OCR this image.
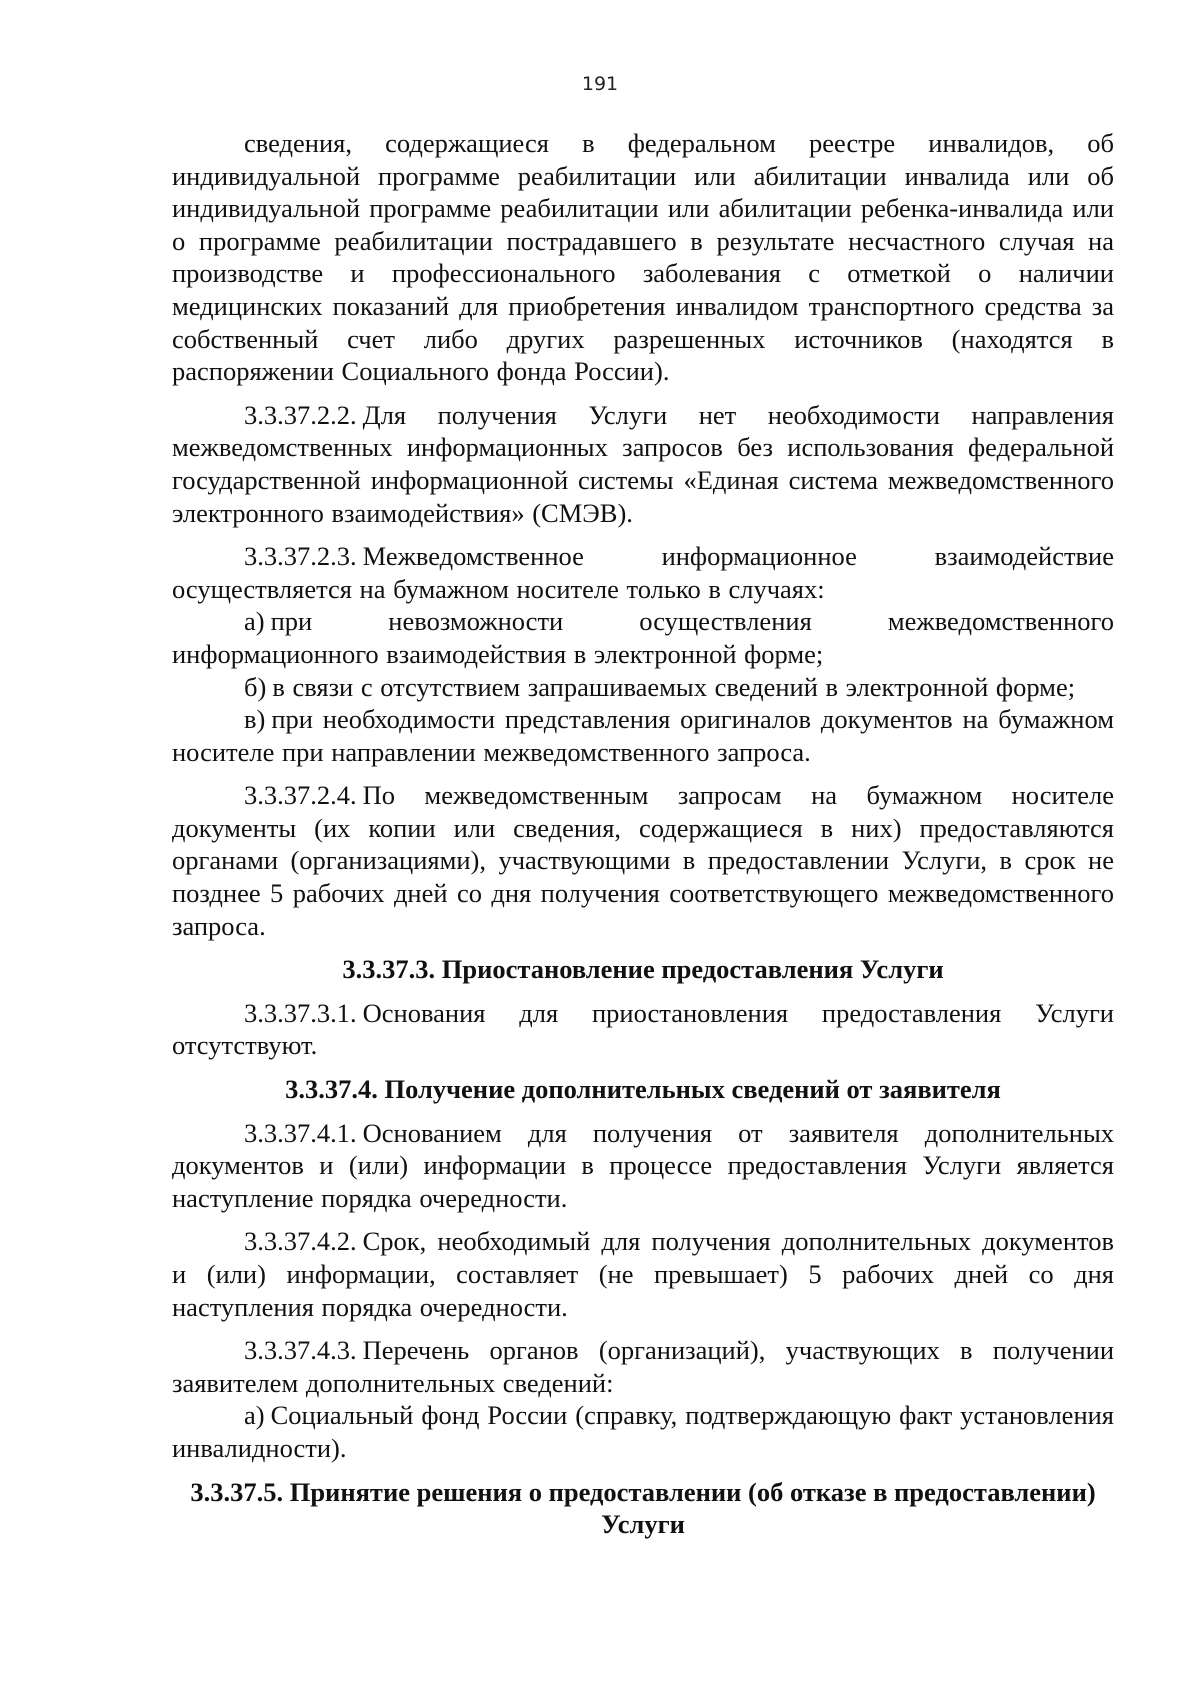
191

сведения, содержащиеся в федеральном реестре инвалидов, об индивидуальной программе реабилитации или абилитации инвалида или об индивидуальной программе реабилитации или абилитации ребенка-инвалида или о программе реабилитации пострадавшего в результате несчастного случая на производстве и профессионального заболевания с отметкой о наличии медицинских показаний для приобретения инвалидом транспортного средства за собственный счет либо других разрешенных источников (находятся в распоряжении Социального фонда России).

3.3.37.2.2. Для получения Услуги нет необходимости направления межведомственных информационных запросов без использования федеральной государственной информационной системы «Единая система межведомственного электронного взаимодействия» (СМЭВ).

3.3.37.2.3. Межведомственное информационное взаимодействие осуществляется на бумажном носителе только в случаях:

а) при невозможности осуществления межведомственного информационного взаимодействия в электронной форме;

б) в связи с отсутствием запрашиваемых сведений в электронной форме;

в) при необходимости представления оригиналов документов на бумажном носителе при направлении межведомственного запроса.

3.3.37.2.4. По межведомственным запросам на бумажном носителе документы (их копии или сведения, содержащиеся в них) предоставляются органами (организациями), участвующими в предоставлении Услуги, в срок не позднее 5 рабочих дней со дня получения соответствующего межведомственного запроса.

3.3.37.3. Приостановление предоставления Услуги

3.3.37.3.1. Основания для приостановления предоставления Услуги отсутствуют.

3.3.37.4. Получение дополнительных сведений от заявителя

3.3.37.4.1. Основанием для получения от заявителя дополнительных документов и (или) информации в процессе предоставления Услуги является наступление порядка очередности.

3.3.37.4.2. Срок, необходимый для получения дополнительных документов и (или) информации, составляет (не превышает) 5 рабочих дней со дня наступления порядка очередности.

3.3.37.4.3. Перечень органов (организаций), участвующих в получении заявителем дополнительных сведений:

а) Социальный фонд России (справку, подтверждающую факт установления инвалидности).

3.3.37.5. Принятие решения о предоставлении (об отказе в предоставлении) Услуги
